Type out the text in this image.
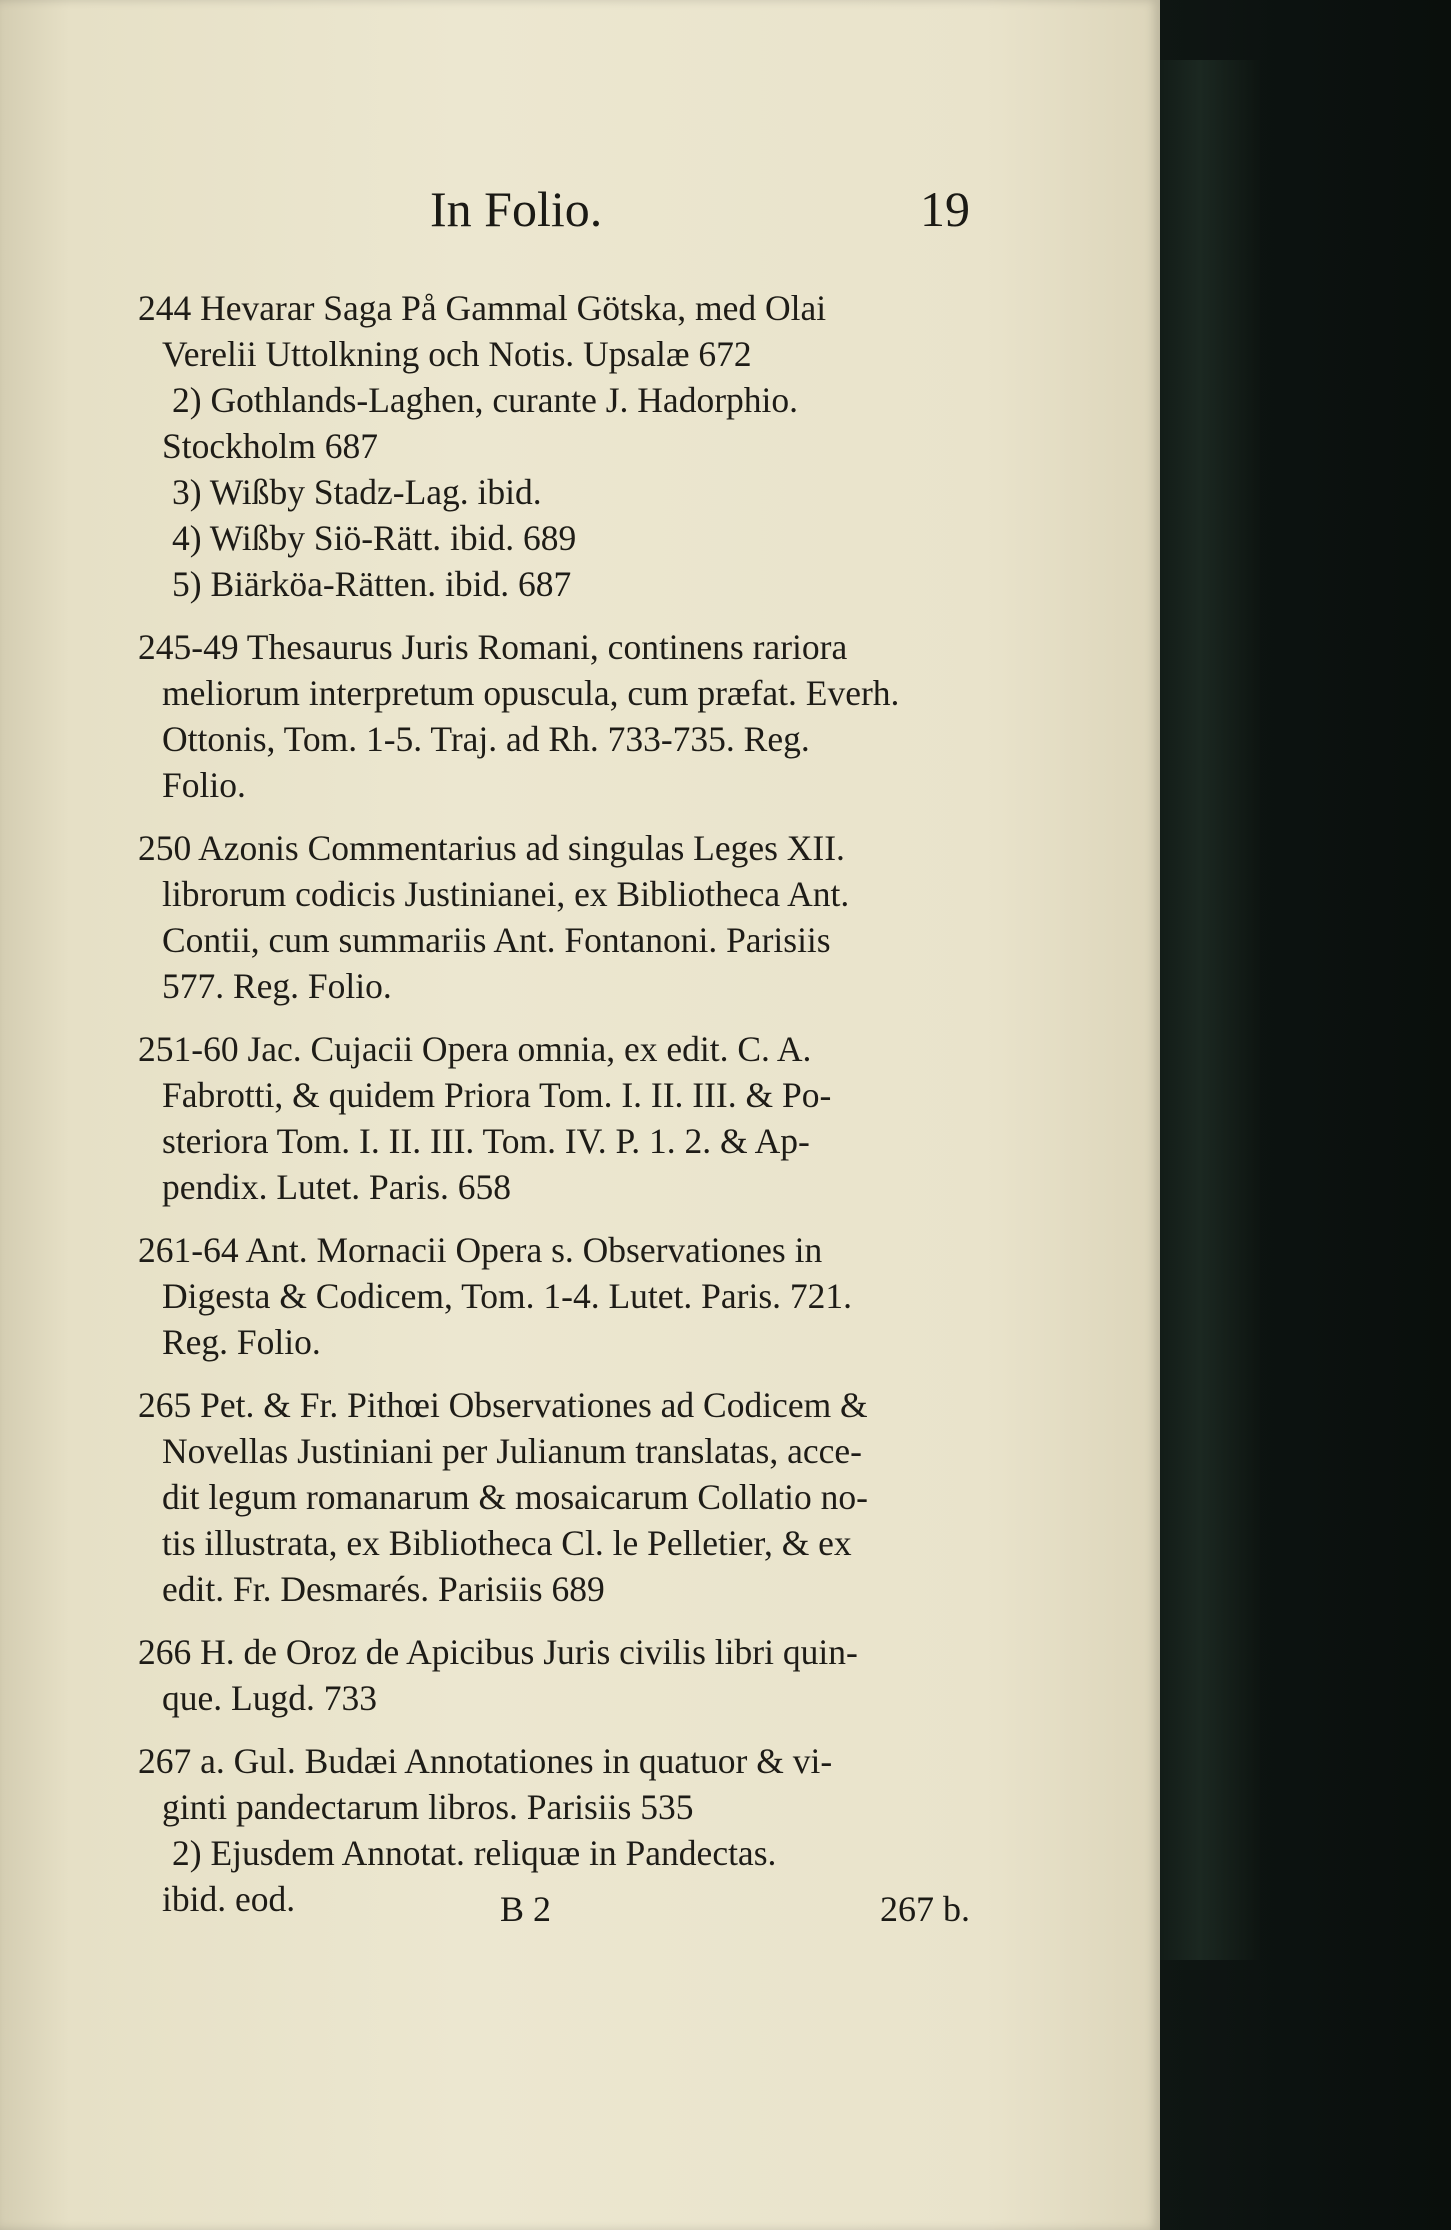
In Folio.	19
244 Hevarar Saga På Gammal Götska, med Olai
Verelii Uttolkning och Notis. Upsalæ 672
2) Gothlands-Laghen, curante J. Hadorphio.
Stockholm 687
3) Wißby Stadz-Lag. ibid.
4) Wißby Siö-Rätt. ibid. 689
5) Biärköa-Rätten. ibid. 687
245-49 Thesaurus Juris Romani, continens rariora
meliorum interpretum opuscula, cum præfat. Everh.
Ottonis, Tom. 1-5. Traj. ad Rh. 733-735. Reg.
Folio.
250 Azonis Commentarius ad singulas Leges XII.
librorum codicis Justinianei, ex Bibliotheca Ant.
Contii, cum summariis Ant. Fontanoni. Parisiis
577. Reg. Folio.
251-60 Jac. Cujacii Opera omnia, ex edit. C. A.
Fabrotti, & quidem Priora Tom. I. II. III. & Po-
steriora Tom. I. II. III. Tom. IV. P. 1. 2. & Ap-
pendix. Lutet. Paris. 658
261-64 Ant. Mornacii Opera s. Observationes in
Digesta & Codicem, Tom. 1-4. Lutet. Paris. 721.
Reg. Folio.
265 Pet. & Fr. Pithœi Observationes ad Codicem &
Novellas Justiniani per Julianum translatas, acce-
dit legum romanarum & mosaicarum Collatio no-
tis illustrata, ex Bibliotheca Cl. le Pelletier, & ex
edit. Fr. Desmarés. Parisiis 689
266 H. de Oroz de Apicibus Juris civilis libri quin-
que. Lugd. 733
267 a. Gul. Budæi Annotationes in quatuor & vi-
ginti pandectarum libros. Parisiis 535
2) Ejusdem Annotat. reliquæ in Pandectas.
ibid. eod.	B 2	267 b.
